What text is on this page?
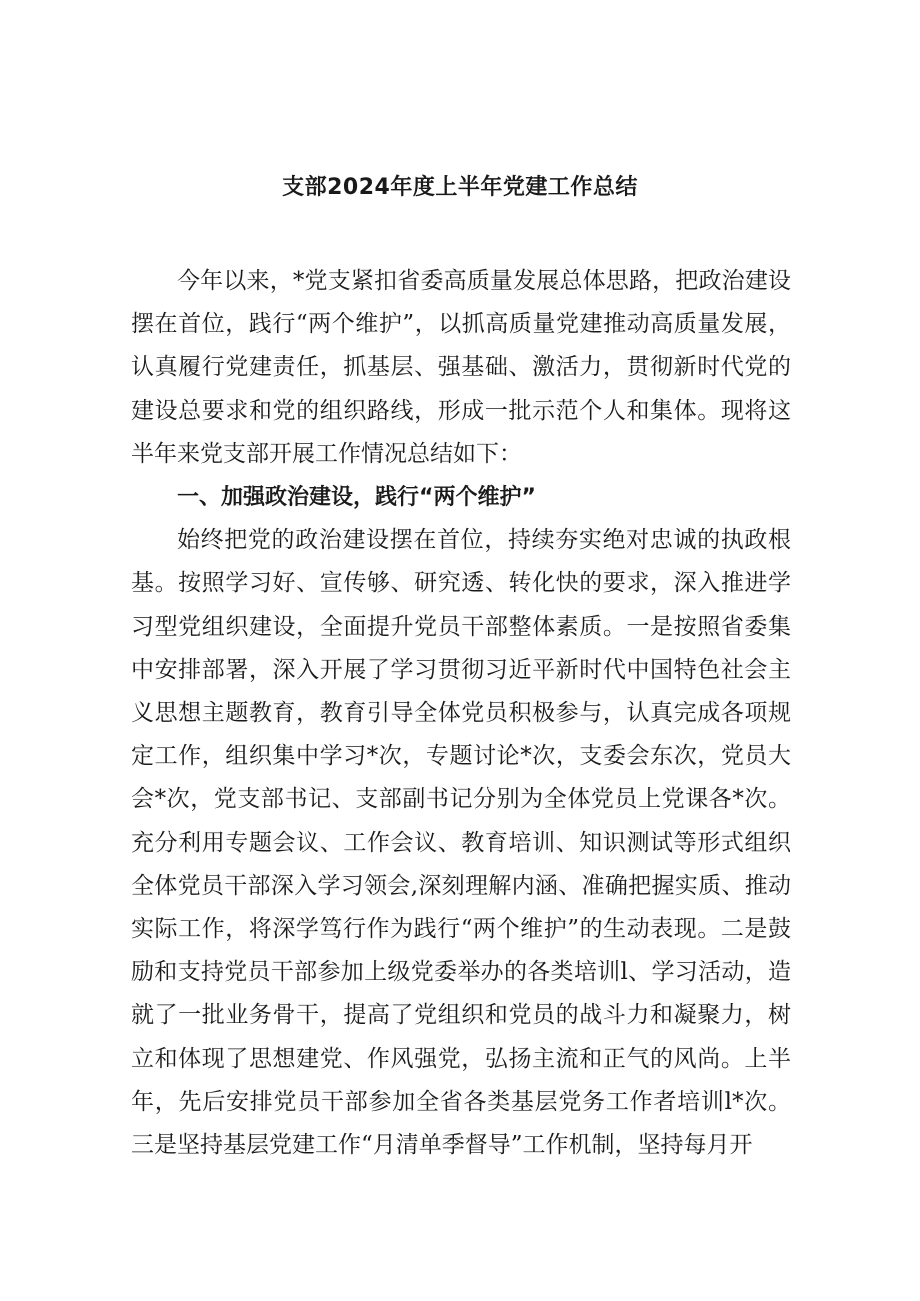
支部2024年度上半年党建工作总结

今年以来，*党支紧扣省委高质量发展总体思路，把政治建设摆在首位，践行“两个维护”，以抓高质量党建推动高质量发展，认真履行党建责任，抓基层、强基础、激活力，贯彻新时代党的建设总要求和党的组织路线，形成一批示范个人和集体。现将这半年来党支部开展工作情况总结如下：

一、加强政治建设，践行“两个维护”

始终把党的政治建设摆在首位，持续夯实绝对忠诚的执政根基。按照学习好、宣传够、研究透、转化快的要求，深入推进学习型党组织建设，全面提升党员干部整体素质。一是按照省委集中安排部署，深入开展了学习贯彻习近平新时代中国特色社会主义思想主题教育，教育引导全体党员积极参与，认真完成各项规定工作，组织集中学习*次，专题讨论*次，支委会东次，党员大会*次，党支部书记、支部副书记分别为全体党员上党课各*次。充分利用专题会议、工作会议、教育培训、知识测试等形式组织全体党员干部深入学习领会,深刻理解内涵、准确把握实质、推动实际工作，将深学笃行作为践行“两个维护”的生动表现。二是鼓励和支持党员干部参加上级党委举办的各类培训l、学习活动，造就了一批业务骨干，提高了党组织和党员的战斗力和凝聚力，树立和体现了思想建党、作风强党，弘扬主流和正气的风尚。上半年，先后安排党员干部参加全省各类基层党务工作者培训l*次。三是坚持基层党建工作“月清单季督导”工作机制，坚持每月开
